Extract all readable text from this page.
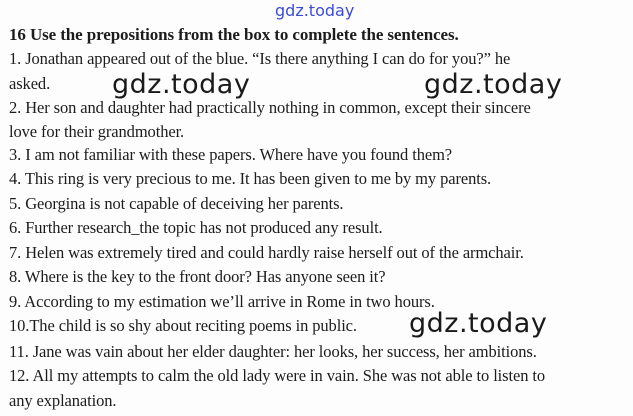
gdz.today
16 Use the prepositions from the box to complete the sentences.
1. Jonathan appeared out of the blue. “Is there anything I can do for you?” he
asked.
2. Her son and daughter had practically nothing in common, except their sincere
love for their grandmother.
3. I am not familiar with these papers. Where have you found them?
4. This ring is very precious to me. It has been given to me by my parents.
5. Georgina is not capable of deceiving her parents.
6. Further research_the topic has not produced any result.
7. Helen was extremely tired and could hardly raise herself out of the armchair.
8. Where is the key to the front door? Has anyone seen it?
9. According to my estimation we’ll arrive in Rome in two hours.
10.The child is so shy about reciting poems in public.
11. Jane was vain about her elder daughter: her looks, her success, her ambitions.
12. All my attempts to calm the old lady were in vain. She was not able to listen to
any explanation.
gdz.today	gdz.today
gdz.today
